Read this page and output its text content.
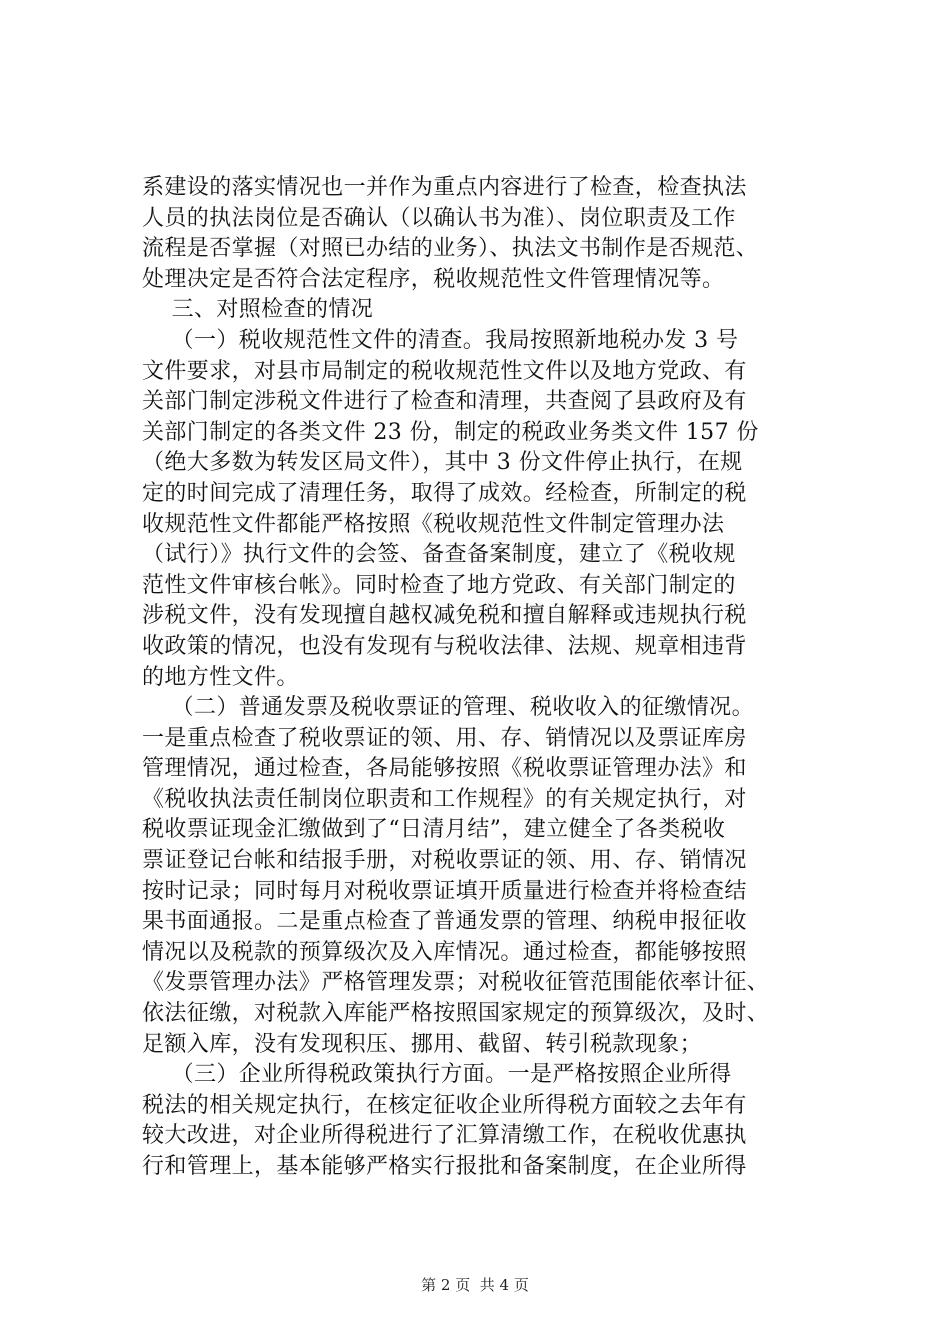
系建设的落实情况也一并作为重点内容进行了检查，检查执法
人员的执法岗位是否确认（以确认书为准）、岗位职责及工作
流程是否掌握（对照已办结的业务）、执法文书制作是否规范、
处理决定是否符合法定程序，税收规范性文件管理情况等。
三、对照检查的情况
（一）税收规范性文件的清查。我局按照新地税办发 3 号
文件要求，对县市局制定的税收规范性文件以及地方党政、有
关部门制定涉税文件进行了检查和清理，共查阅了县政府及有
关部门制定的各类文件 23 份，制定的税政业务类文件 157 份
（绝大多数为转发区局文件），其中 3 份文件停止执行，在规
定的时间完成了清理任务，取得了成效。经检查，所制定的税
收规范性文件都能严格按照《税收规范性文件制定管理办法
（试行）》执行文件的会签、备查备案制度，建立了《税收规
范性文件审核台帐》。同时检查了地方党政、有关部门制定的
涉税文件，没有发现擅自越权减免税和擅自解释或违规执行税
收政策的情况，也没有发现有与税收法律、法规、规章相违背
的地方性文件。
（二）普通发票及税收票证的管理、税收收入的征缴情况。
一是重点检查了税收票证的领、用、存、销情况以及票证库房
管理情况，通过检查，各局能够按照《税收票证管理办法》和
《税收执法责任制岗位职责和工作规程》的有关规定执行，对
税收票证现金汇缴做到了“日清月结”，建立健全了各类税收
票证登记台帐和结报手册，对税收票证的领、用、存、销情况
按时记录；同时每月对税收票证填开质量进行检查并将检查结
果书面通报。二是重点检查了普通发票的管理、纳税申报征收
情况以及税款的预算级次及入库情况。通过检查，都能够按照
《发票管理办法》严格管理发票；对税收征管范围能依率计征、
依法征缴，对税款入库能严格按照国家规定的预算级次，及时、
足额入库，没有发现积压、挪用、截留、转引税款现象；
（三）企业所得税政策执行方面。一是严格按照企业所得
税法的相关规定执行，在核定征收企业所得税方面较之去年有
较大改进，对企业所得税进行了汇算清缴工作，在税收优惠执
行和管理上，基本能够严格实行报批和备案制度，在企业所得
第 2 页  共 4 页
